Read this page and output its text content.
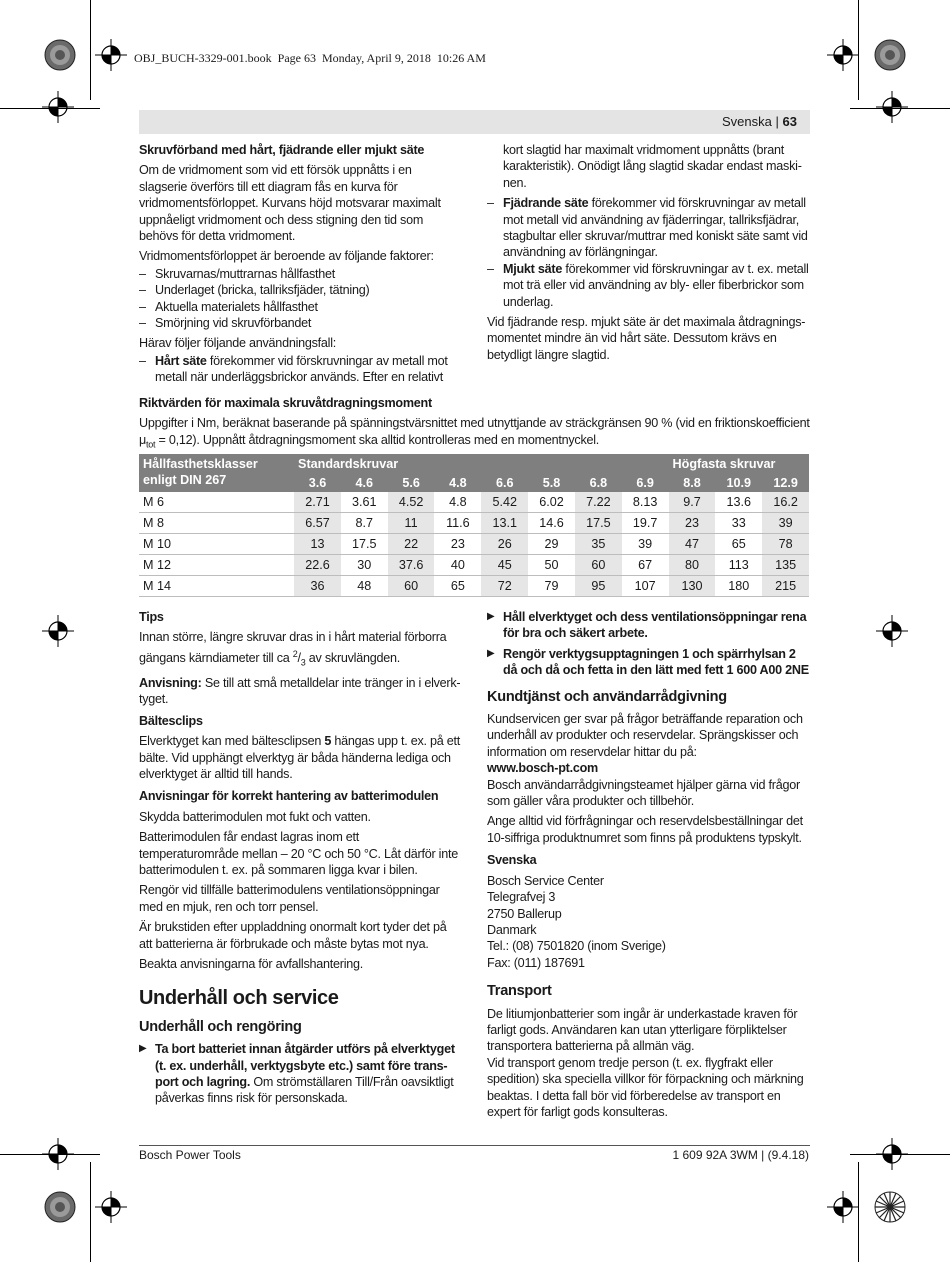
OBJ_BUCH-3329-001.book  Page 63  Monday, April 9, 2018  10:26 AM
Svenska | 63

Skruvförband med hårt, fjädrande eller mjukt säte

Om de vridmoment som vid ett försök uppnåtts i en slagserie överförs till ett diagram fås en kurva för vridmomentsförloppet. Kurvans höjd motsvarar maximalt uppnåeligt vridmoment och dess stigning den tid som behövs för detta vridmoment.

Vridmomentsförloppet är beroende av följande faktorer:

– Skruvarnas/muttrarnas hållfasthet
– Underlaget (bricka, tallriksfjäder, tätning)
– Aktuella materialets hållfasthet
– Smörjning vid skruvförbandet

Härav följer följande användningsfall:

– Hårt säte förekommer vid förskruvningar av metall mot metall när underläggsbrickor används. Efter en relativt
kort slagtid har maximalt vridmoment uppnåtts (brant karakteristik). Onödigt lång slagtid skadar endast maskinen.
– Fjädrande säte förekommer vid förskruvningar av metall mot metall vid användning av fjäderringar, tallriksfjädrar, stagbultar eller skruvar/muttrar med koniskt säte samt vid användning av förlängningar.
– Mjukt säte förekommer vid förskruvningar av t. ex. metall mot trä eller vid användning av bly- eller fiberbrickor som underlag.

Vid fjädrande resp. mjukt säte är det maximala åtdragningsmomentet mindre än vid hårt säte. Dessutom krävs en betydligt längre slagtid.

Riktvärden för maximala skruvåtdragningsmoment

Uppgifter i Nm, beräknat baserande på spänningstvärsnittet med utnyttjande av sträckgränsen 90 % (vid en friktionskoefficient
$\mu_{tot} = 0,12$). Uppnått åtdragningsmoment ska alltid kontrolleras med en momentnyckel.

Hållfasthetsklasser enligt DIN 267	Standardskruvar								Högfasta skruvar		
	3.6	4.6	5.6	4.8	6.6	5.8	6.8	6.9	8.8	10.9	12.9
M 6	2.71	3.61	4.52	4.8	5.42	6.02	7.22	8.13	9.7	13.6	16.2
M 8	6.57	8.7	11	11.6	13.1	14.6	17.5	19.7	23	33	39
M 10	13	17.5	22	23	26	29	35	39	47	65	78
M 12	22.6	30	37.6	40	45	50	60	67	80	113	135
M 14	36	48	60	65	72	79	95	107	130	180	215

Tips

Innan större, längre skruvar dras in i hårt material förborra gängans kärndiameter till ca $^2/_3$ av skruvlängden.

Anvisning: Se till att små metalldelar inte tränger in i elverktyget.

Bältesclips

Elverktyget kan med bältesclipsen 5 hängas upp t. ex. på ett bälte. Vid upphängt elverktyg är båda händerna lediga och elverktyget är alltid till hands.

Anvisningar för korrekt hantering av batterimodulen

Skydda batterimodulen mot fukt och vatten.

Batterimodulen får endast lagras inom ett temperaturområde mellan – 20 °C och 50 °C. Låt därför inte batterimodulen t. ex. på sommaren ligga kvar i bilen.

Rengör vid tillfälle batterimodulens ventilationsöppningar med en mjuk, ren och torr pensel.

Är brukstiden efter uppladdning onormalt kort tyder det på att batterierna är förbrukade och måste bytas mot nya.

Beakta anvisningarna för avfallshantering.

Underhåll och service
Underhåll och rengöring
▶ Ta bort batteriet innan åtgärder utförs på elverktyget (t. ex. underhåll, verktygsbyte etc.) samt före transport och lagring. Om strömställaren Till/Från oavsiktligt påverkas finns risk för personskada.
▶ Håll elverktyget och dess ventilationsöppningar rena för bra och säkert arbete.
▶ Rengör verktygsupptagningen 1 och spärrhylsan 2 då och då och fetta in den lätt med fett 1 600 A00 2NE
Kundtjänst och användarrådgivning

Kundservicen ger svar på frågor beträffande reparation och underhåll av produkter och reservdelar. Sprängskisser och information om reservdelar hittar du på:

www.bosch-pt.com

Bosch användarrådgivningsteamet hjälper gärna vid frågor som gäller våra produkter och tillbehör.

Ange alltid vid förfrågningar och reservdelsbeställningar det 10-siffriga produktnumret som finns på produktens typskylt.

Svenska

Bosch Service Center
Telegrafvej 3
2750 Ballerup
Danmark
Tel.: (08) 7501820 (inom Sverige)
Fax: (011) 187691
Transport

De litiumjonbatterier som ingår är underkastade kraven för farligt gods. Användaren kan utan ytterligare förpliktelser transportera batterierna på allmän väg.

Vid transport genom tredje person (t. ex. flygfrakt eller spedition) ska speciella villkor för förpackning och märkning beaktas. I detta fall bör vid förberedelse av transport en expert för farligt gods konsulteras.

Bosch Power Tools	1 609 92A 3WM | (9.4.18)
